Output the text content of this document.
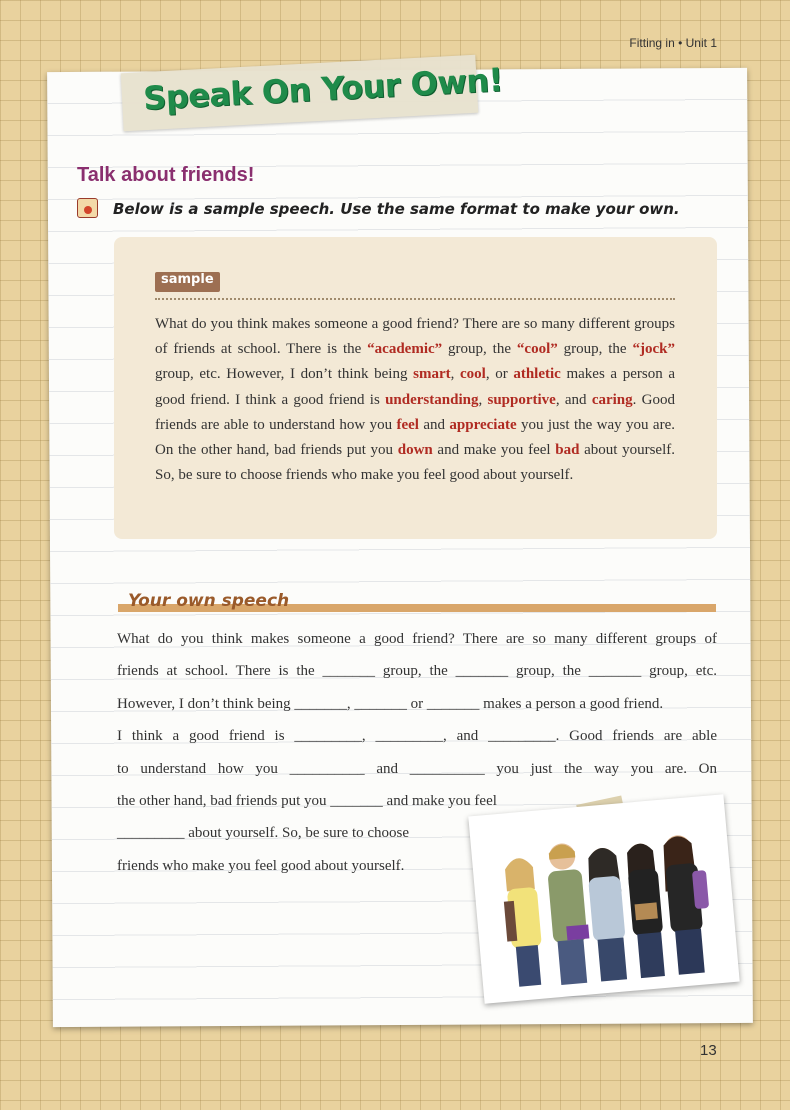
Fitting in • Unit 1
Speak On Your Own!
Talk about friends!
Below is a sample speech. Use the same format to make your own.
sample

What do you think makes someone a good friend? There are so many different groups of friends at school. There is the “academic” group, the “cool” group, the “jock” group, etc. However, I don’t think being smart, cool, or athletic makes a person a good friend. I think a good friend is understanding, supportive, and caring. Good friends are able to understand how you feel and appreciate you just the way you are. On the other hand, bad friends put you down and make you feel bad about yourself. So, be sure to choose friends who make you feel good about yourself.

Your own speech

What do you think makes someone a good friend? There are so many different groups of
friends at school. There is the _______ group, the _______ group, the _______ group, etc.
However, I don’t think being _______, _______ or _______ makes a person a good friend.
I think a good friend is _________, _________, and _________. Good friends are able
to understand how you __________ and __________ you just the way you are. On
the other hand, bad friends put you _______ and make you feel
_________ about yourself. So, be sure to choose
friends who make you feel good about yourself.

13
